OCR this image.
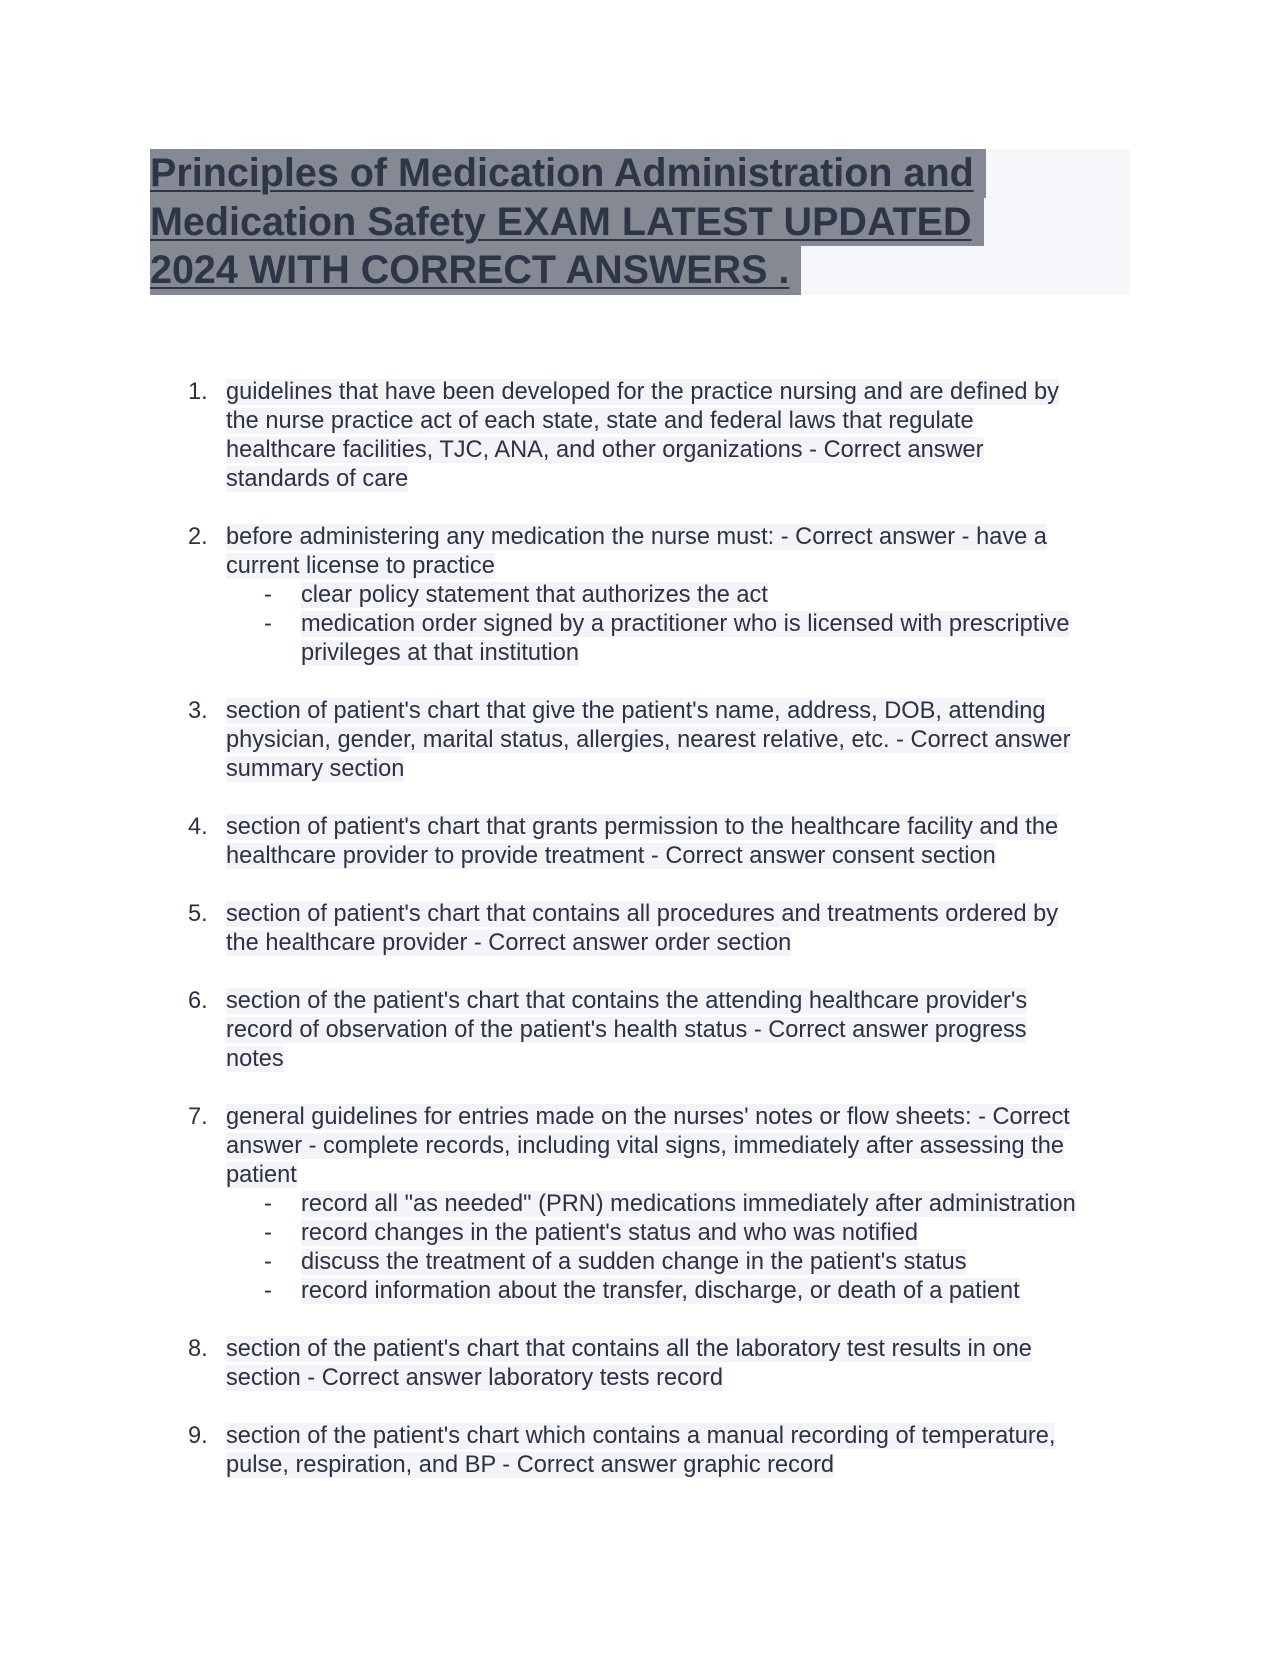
Principles of Medication Administration and
Medication Safety EXAM LATEST UPDATED
2024 WITH CORRECT ANSWERS .
1. guidelines that have been developed for the practice nursing and are defined by
the nurse practice act of each state, state and federal laws that regulate
healthcare facilities, TJC, ANA, and other organizations - Correct answer
standards of care
2. before administering any medication the nurse must: - Correct answer - have a
current license to practice
- clear policy statement that authorizes the act
- medication order signed by a practitioner who is licensed with prescriptive
privileges at that institution
3. section of patient's chart that give the patient's name, address, DOB, attending
physician, gender, marital status, allergies, nearest relative, etc. - Correct answer
summary section
4. section of patient's chart that grants permission to the healthcare facility and the
healthcare provider to provide treatment - Correct answer consent section
5. section of patient's chart that contains all procedures and treatments ordered by
the healthcare provider - Correct answer order section
6. section of the patient's chart that contains the attending healthcare provider's
record of observation of the patient's health status - Correct answer progress
notes
7. general guidelines for entries made on the nurses' notes or flow sheets: - Correct
answer - complete records, including vital signs, immediately after assessing the
patient
- record all "as needed" (PRN) medications immediately after administration
- record changes in the patient's status and who was notified
- discuss the treatment of a sudden change in the patient's status
- record information about the transfer, discharge, or death of a patient
8. section of the patient's chart that contains all the laboratory test results in one
section - Correct answer laboratory tests record
9. section of the patient's chart which contains a manual recording of temperature,
pulse, respiration, and BP - Correct answer graphic record
